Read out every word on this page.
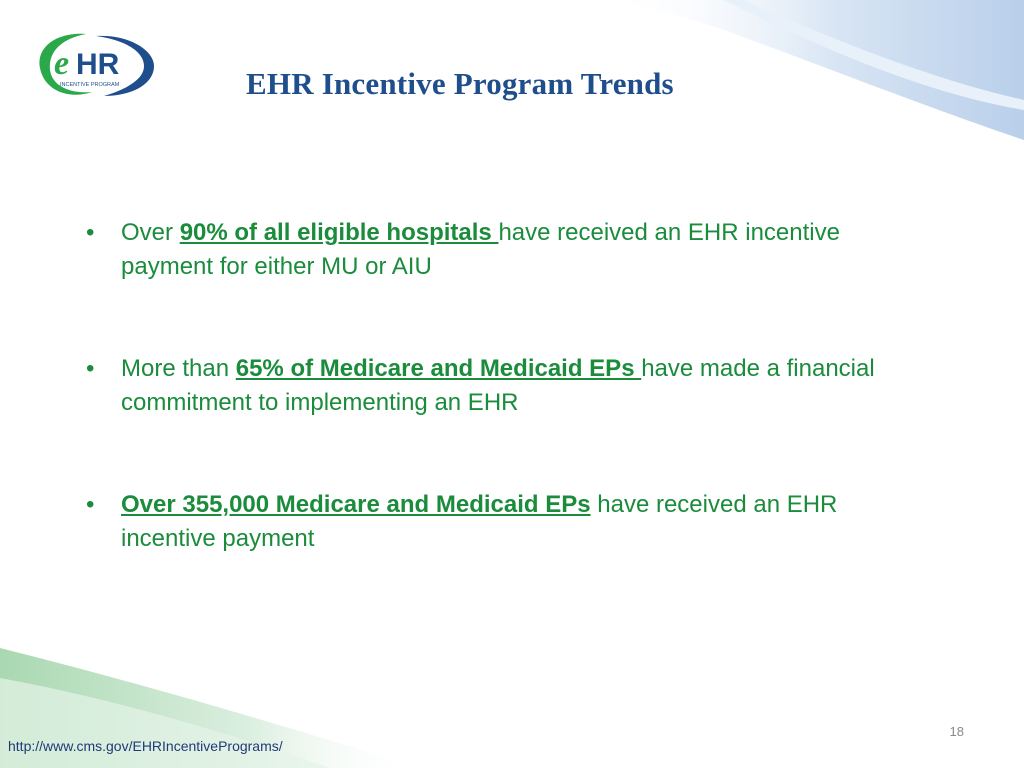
e HR
INCENTIVE PROGRAM	EHR Incentive Program Trends
• Over 90% of all eligible hospitals have received an EHR incentive payment for either MU or AIU
• More than 65% of Medicare and Medicaid EPs have made a financial commitment to implementing an EHR
• Over 355,000 Medicare and Medicaid EPs have received an EHR incentive payment
18
http://www.cms.gov/EHRIncentivePrograms/
